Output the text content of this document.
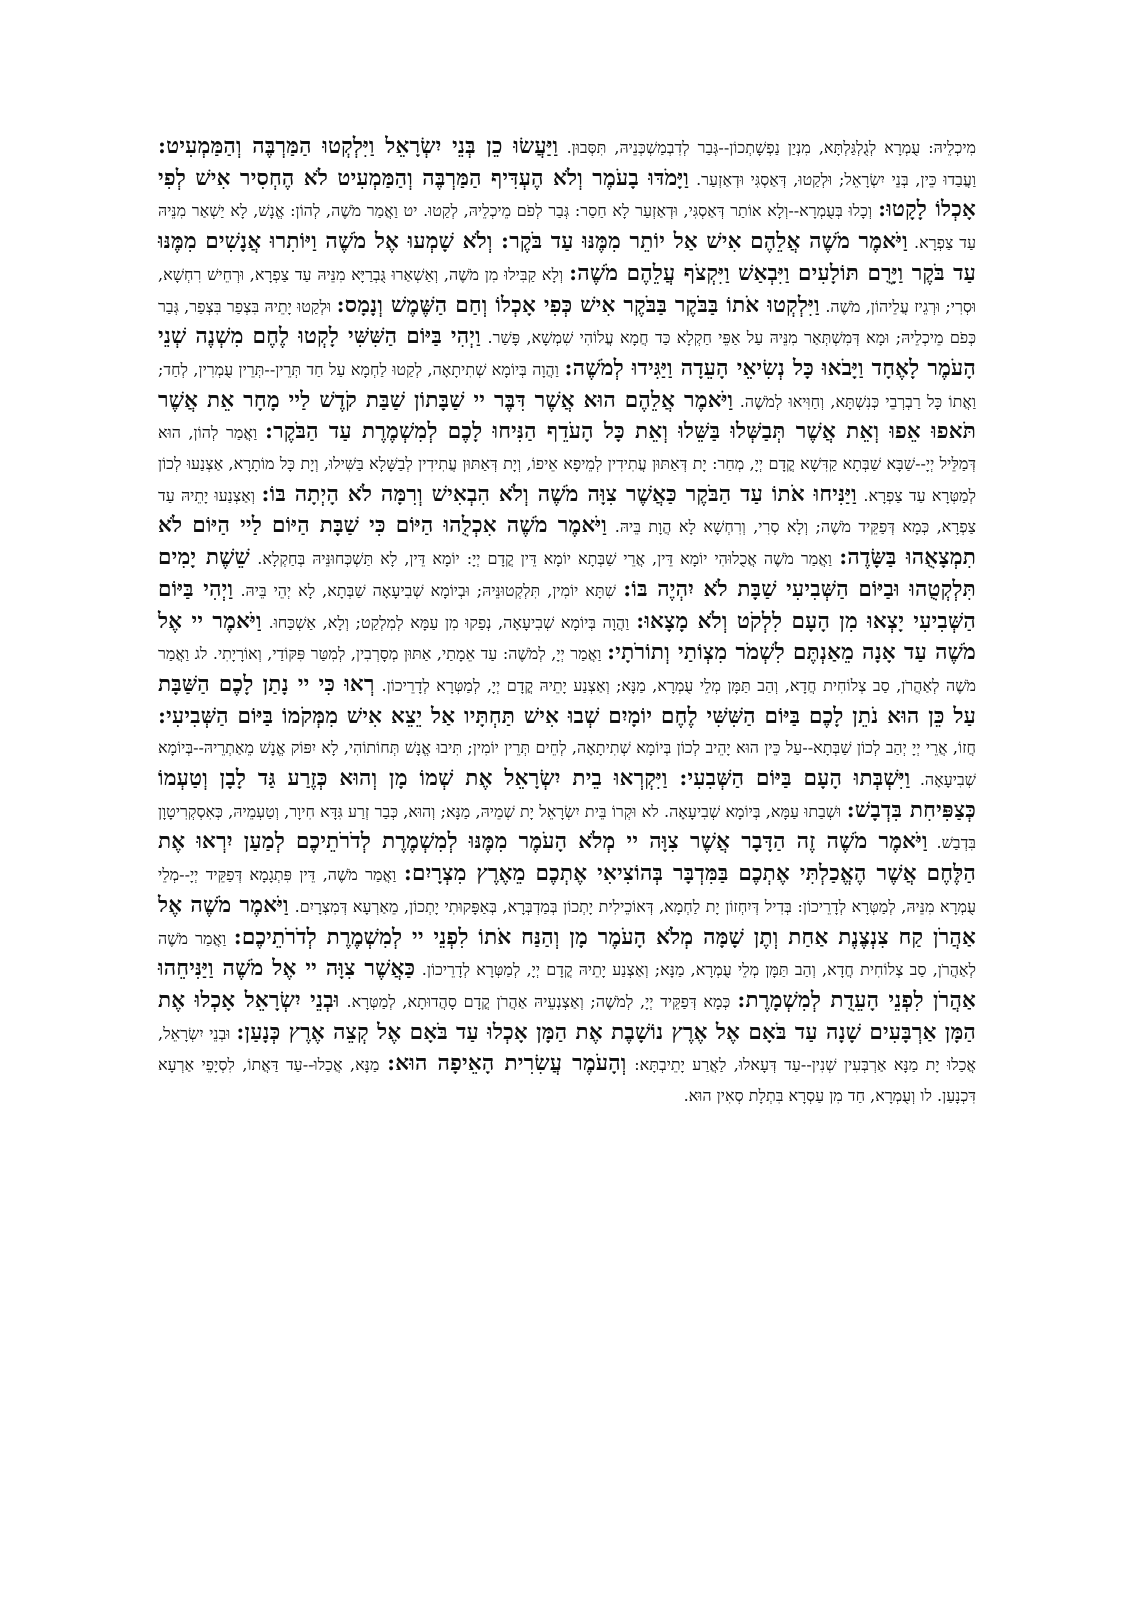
מִיכְלֵיהּ: עֻמְרָא לְגֻלְגַּלְתָּא, מִנְיַן נַפְשָׁתְכוֹן--גְּבַר לְדִבְמַשְׁכְּנֵיהּ, תִּסְּבוּן. וַיַּעֲשׂוּ כֵן בְּנֵי יִשְׂרָאֵל וַיִּלְקְטוּ הַמַּרְבֶּה וְהַמַּמְעִיט: וַעֲבַדוּ כֵּין, בְּנֵי יִשְׂרָאֵל; וּלְקַטוּ, דְּאַסְגִּי וּדְאַזְעַר. וַיָּמֹדּוּ בָעֹמֶר וְלֹא הֶעְדִּיף הַמַּרְבֶּה וְהַמַּמְעִיט לֹא הֶחְסִיר אִישׁ לְפִי אָכְלוֹ לָקָטוּ: וְכָלוּ בְּעֻמְרָא--וְלָא אוֹתַר דְּאַסְגִּי, וּדְאַזְעַר לָא חַסַר: גְּבַר לְפֹם מֵיכְלֵיהּ, לְקַטוּ. יט וַאֲמַר מֹשֶׁה, לְהוֹן: אֱנָשׁ, לָא יַשְׁאַר מִנֵּיהּ עַד צַפְרָא. וַיֹּאמֶר מֹשֶׁה אֲלֵהֶם אִישׁ אַל יוֹתֵר מִמֶּנּוּ עַד בֹּקֶר: וְלֹא שָׁמְעוּ אֶל מֹשֶׁה וַיּוֹתִרוּ אֲנָשִׁים מִמֶּנּוּ עַד בֹּקֶר וַיָּרֻם תּוֹלָעִים וַיִּבְאַשׁ וַיִּקְצֹף עֲלֵהֶם מֹשֶׁה: וְלָא קַבִּילוּ מִן מֹשֶׁה, וְאַשְׁאַרוּ גֻּבְרַיָּא מִנֵּיהּ עַד צַפְרָא, וּרְחֵישׁ רִחְשָׁא, וּסְרִי; וּרְגֵיז עֲלֵיהוֹן, מֹשֶׁה. וַיִּלְקְטוּ אֹתוֹ בַּבֹּקֶר בַּבֹּקֶר אִישׁ כְּפִי אָכְלוֹ וְחַם הַשֶּׁמֶשׁ וְנָמָס: וּלְקַטוּ יָתֵיהּ בִּצְפַר בִּצְפַר, גְּבַר כְּפֹם מֵיכְלֵיהּ; וּמָא דְּמִשְׁתְּאַר מִנֵּיהּ עַל אַפֵּי חַקְלָא כַּד חֲמָא עֲלוֹהִי שִׁמְשָׁא, פָּשַׁר. וַיְהִי בַּיּוֹם הַשִּׁשִּׁי לָקְטוּ לֶחֶם מִשְׁנֶה שְׁנֵי הָעֹמֶר לָאֶחָד וַיָּבֹאוּ כָּל נְשִׂיאֵי הָעֵדָה וַיַּגִּידוּ לְמֹשֶׁה: וַהֲוָה בְּיוֹמָא שְׁתִיתָאָה, לְקַטוּ לַחְמָא עַל חַד תְּרֵין--תְּרֵין עֻמְרִין, לְחַד; וַאֲתוֹ כָּל רַבְרְבֵי כְּנִשְׁתָּא, וְחַוִּיאוּ לְמֹשֶׁה. וַיֹּאמֶר אֲלֵהֶם הוּא אֲשֶׁר דִּבֶּר יי שַׁבָּתוֹן שַׁבַּת קֹדֶשׁ לַיי מָחָר אֵת אֲשֶׁר תֹּאפוּ אֵפוּ וְאֵת אֲשֶׁר תְּבַשְּׁלוּ בַּשֵּׁלוּ וְאֵת כָּל הָעֹדֵף הַנִּיחוּ לָכֶם לְמִשְׁמֶרֶת עַד הַבֹּקֶר: וַאֲמַר לְהוֹן, הוּא דְּמַלֵּיל יְיָ--שַׁבָּא שַׁבְּתָא קַדִּשָׁא קֳדָם יְיָ, מְחַר: יָת דְּאַתּוּן עֲתִידִין לְמֵיפָא אֵיפוֹ, וְיָת דְּאַתּוּן עֲתִידִין לְבַשָּׁלָא בַּשִּׁילוּ, וְיָת כָּל מוֹתָרָא, אַצְנַעוּ לְכוֹן לְמַטְּרָא עַד צַפְרָא. וַיַּנִּיחוּ אֹתוֹ עַד הַבֹּקֶר כַּאֲשֶׁר צִוָּה מֹשֶׁה וְלֹא הִבְאִישׁ וְרִמָּה לֹא הָיְתָה בּוֹ: וְאַצְנַעוּ יָתֵיהּ עַד צַפְרָא, כְּמָא דְּפַקֵּיד מֹשֶׁה; וְלָא סְרִי, וְרִחְשָׁא לָא הֲוָת בֵּיהּ. וַיֹּאמֶר מֹשֶׁה אִכְלֻהוּ הַיּוֹם כִּי שַׁבָּת הַיּוֹם לַיי הַיּוֹם לֹא תִמְצָאֻהוּ בַּשָּׂדֶה: וַאֲמַר מֹשֶׁה אֲכֻלוּהִי יוֹמָא דֵּין, אֲרֵי שַׁבְּתָא יוֹמָא דֵּין קֳדָם יְיָ: יוֹמָא דֵּין, לָא תַּשְׁכְּחוּנֵּיהּ בְּחַקְלָא. שֵׁשֶׁת יָמִים תִּלְקְטֻהוּ וּבַיּוֹם הַשְּׁבִיעִי שַׁבָּת לֹא יִהְיֶה בּוֹ: שִׁתָּא יוֹמִין, תִּלְקְטוּנֵּיהּ; וּבְיוֹמָא שְׁבִיעָאָה שַׁבְּתָא, לָא יְהֵי בֵּיהּ. וַיְהִי בַּיּוֹם הַשְּׁבִיעִי יָצְאוּ מִן הָעָם לִלְקֹט וְלֹא מָצָאוּ: וַהֲוָה בְּיוֹמָא שְׁבִיעָאָה, נְפַקוּ מִן עַמָּא לְמִלְקַט; וְלָא, אַשְׁכַּחוּ. וַיֹּאמֶר יי אֶל מֹשֶׁה עַד אָנָה מֵאַנְתֶּם לִשְׁמֹר מִצְוֹתַי וְתוֹרֹתָי: וַאֲמַר יְיָ, לְמֹשֶׁה: עַד אֵמָתַי, אַתּוּן מְסָרְבִין, לְמִטַּר פִּקּוֹדַי, וְאוֹרָיָתִי. לג וַאֲמַר מֹשֶׁה לְאַהֲרֹן, סַב צְלוֹחִית חֲדָא, וְהַב תַּמָּן מְלֵי עֻמְרָא, מַנָּא; וְאַצְנַע יָתֵיהּ קֳדָם יְיָ, לְמַטְּרָא לְדָרֵיכוֹן. רְאוּ כִּי יי נָתַן לָכֶם הַשַּׁבָּת עַל כֵּן הוּא נֹתֵן לָכֶם בַּיּוֹם הַשִּׁשִּׁי לֶחֶם יוֹמָיִם שְׁבוּ אִישׁ תַּחְתָּיו אַל יֵצֵא אִישׁ מִמְּקֹמוֹ בַּיּוֹם הַשְּׁבִיעִי: חֲזוֹ, אֲרֵי יְיָ יְהַב לְכוֹן שַׁבְּתָא--עַל כֵּין הוּא יָהֵיב לְכוֹן בְּיוֹמָא שְׁתִיתָאָה, לְחֵים תְּרֵין יוֹמִין; תִּיבוּ אֱנָשׁ תְּחוֹתוֹהִי, לָא יִפּוֹק אֱנָשׁ מֵאַתְרֵיהּ--בְּיוֹמָא שְׁבִיעָאָה. וַיִּשְׁבְּתוּ הָעָם בַּיּוֹם הַשְּׁבִעִי: וַיִּקְרְאוּ בֵית יִשְׂרָאֵל אֶת שְׁמוֹ מָן וְהוּא כְּזֶרַע גַּד לָבָן וְטַעְמוֹ כְּצַפִּיחִת בִּדְבָשׁ: וּשְׁבַתוּ עַמָּא, בְּיוֹמָא שְׁבִיעָאָה. לא וּקְרוֹ בֵּית יִשְׂרָאֵל יָת שְׁמֵיהּ, מַנָּא; וְהוּא, כְּבַר זְרַע גִּדָּא חִיוָר, וְטַעְמֵיהּ, כְּאִסְקְרִיטָוָן בִּדְבַשׁ. וַיֹּאמֶר מֹשֶׁה זֶה הַדָּבָר אֲשֶׁר צִוָּה יי מְלֹא הָעֹמֶר מִמֶּנּוּ לְמִשְׁמֶרֶת לְדֹרֹתֵיכֶם לְמַעַן יִרְאוּ אֶת הַלֶּחֶם אֲשֶׁר הֶאֱכַלְתִּי אֶתְכֶם בַּמִּדְבָּר בְּהוֹצִיאִי אֶתְכֶם מֵאֶרֶץ מִצְרָיִם: וַאֲמַר מֹשֶׁה, דֵּין פִּתְגָמָא דְּפַקֵּיד יְיָ--מְלֵי עֻמְרָא מִנֵּיהּ, לְמַטְּרָא לְדָרֵיכוֹן: בְּדִיל דְּיִחְזוֹן יָת לַחְמָא, דְּאוֹכֵילִית יָתְכוֹן בְּמַדְבְּרָא, בְּאַפָּקוּתִי יָתְכוֹן, מֵאַרְעָא דְּמִצְרָיִם. וַיֹּאמֶר מֹשֶׁה אֶל אַהֲרֹן קַח צִנְצֶנֶת אַחַת וְתֶן שָׁמָּה מְלֹא הָעֹמֶר מָן וְהַנַּח אֹתוֹ לִפְנֵי יי לְמִשְׁמֶרֶת לְדֹרֹתֵיכֶם: וַאֲמַר מֹשֶׁה לְאַהֲרֹן, סַב צְלוֹחִית חֲדָא, וְהַב תַּמָּן מְלֵי עֻמְרָא, מַנָּא; וְאַצְנַע יָתֵיהּ קֳדָם יְיָ, לְמַטְּרָא לְדָרֵיכוֹן. כַּאֲשֶׁר צִוָּה יי אֶל מֹשֶׁה וַיַּנִּיחֵהוּ אַהֲרֹן לִפְנֵי הָעֵדֻת לְמִשְׁמָרֶת: כְּמָא דְּפַקֵּיד יְיָ, לְמֹשֶׁה; וְאַצְנְעֵיהּ אַהֲרֹן קֳדָם סָהֲדוּתָא, לְמַטְּרָא. וּבְנֵי יִשְׂרָאֵל אָכְלוּ אֶת הַמָּן אַרְבָּעִים שָׁנָה עַד בֹּאָם אֶל אֶרֶץ נוֹשָׁבֶת אֶת הַמָּן אָכְלוּ עַד בֹּאָם אֶל קְצֵה אֶרֶץ כְּנָעַן: וּבְנֵי יִשְׂרָאֵל, אֲכַלוּ יָת מַנָּא אַרְבְּעִין שְׁנִין--עַד דְּעָאלוּ, לַאֲרַע יָתֵיבְתָּא: וְהָעֹמֶר עֲשִׂרִית הָאֵיפָה הוּא: מַנָּא, אֲכַלוּ--עַד דַּאֲתוֹ, לִסְיָפֵי אַרְעָא דִּכְנָעַן. לו וְעֻמְרָא, חַד מִן עַסְרָא בִּתְלָת סְאִין הוּא.
